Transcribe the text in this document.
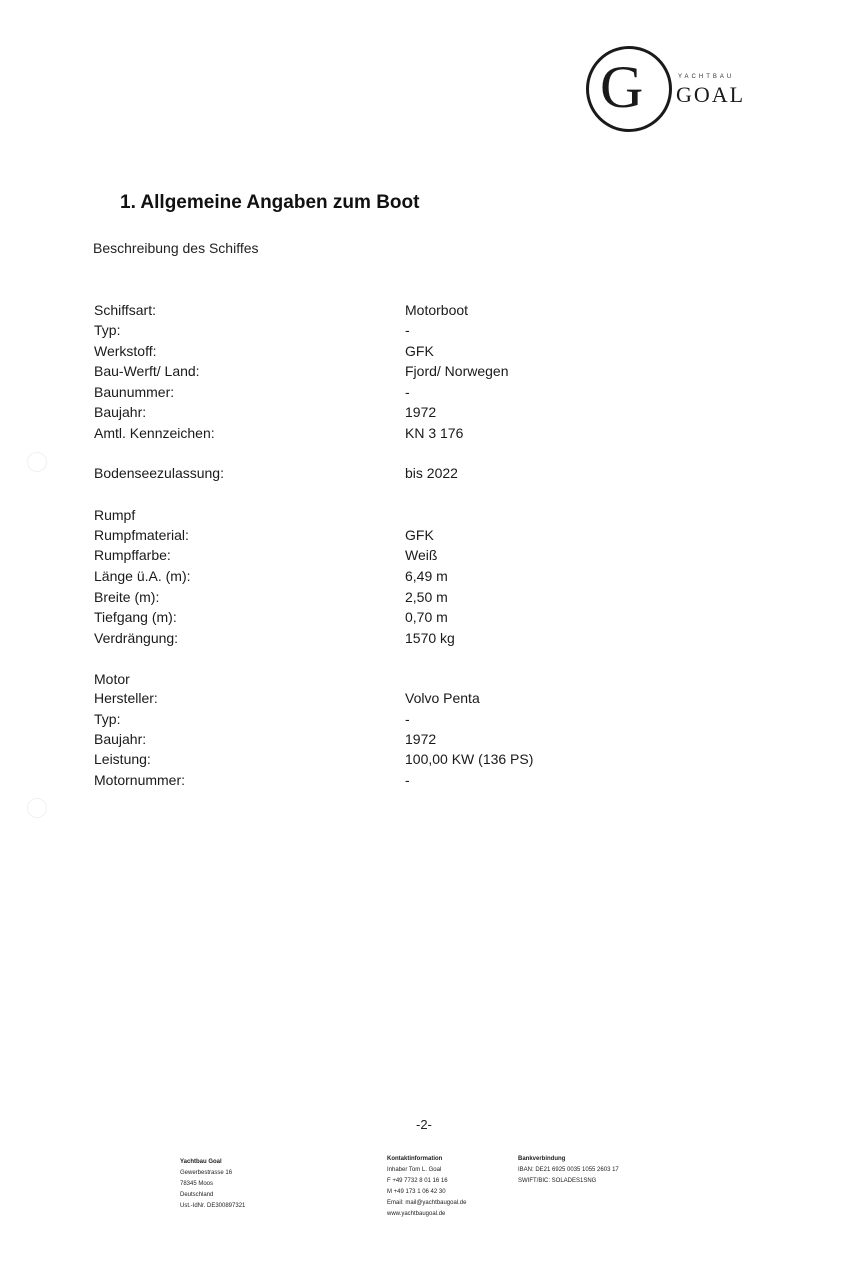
G	YACHTBAU
GOAL
1. Allgemeine Angaben zum Boot
Beschreibung des Schiffes
Schiffsart:	Motorboot
Typ:	-
Werkstoff:	GFK
Bau-Werft/ Land:	Fjord/ Norwegen
Baunummer:	-
Baujahr:	1972
Amtl. Kennzeichen:	KN 3 176
Bodenseezulassung:	bis 2022
Rumpf
Rumpfmaterial:	GFK
Rumpffarbe:	Weiß
Länge ü.A. (m):	6,49 m
Breite (m):	2,50 m
Tiefgang (m):	0,70 m
Verdrängung:	1570 kg
Motor
Hersteller:	Volvo Penta
Typ:	-
Baujahr:	1972
Leistung:	100,00 KW (136 PS)
Motornummer:	-
-2-
Yachtbau Goal
Gewerbestrasse 16
78345 Moos
Deutschland
Ust.-IdNr. DE300897321
Kontaktinformation
Inhaber Tom L. Goal
F +49 7732 8 01 16 16
M +49 173 1 06 42 30
Email: mail@yachtbaugoal.de
www.yachtbaugoal.de
Bankverbindung
IBAN: DE21 6925 0035 1055 2603 17
SWIFT/BIC: SOLADES1SNG
